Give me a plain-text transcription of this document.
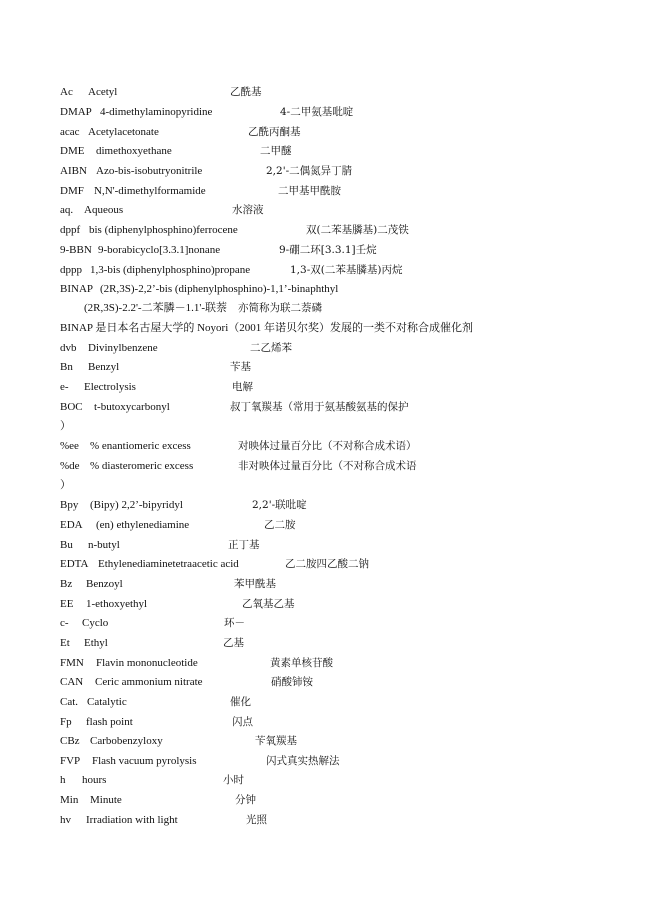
Ac Acetyl	乙酰基
DMAP 4-dimethylaminopyridine	4-二甲氨基吡啶
acac Acetylacetonate	乙酰丙酮基
DME dimethoxyethane	二甲醚
AIBN Azo-bis-isobutryonitrile	2,2'-二偶氮异丁腈
DMF N,N'-dimethylformamide	二甲基甲酰胺
aq. Aqueous	水溶液
dppf bis (diphenylphosphino)ferrocene	双(二苯基膦基)二茂铁
9-BBN 9-borabicyclo[3.3.1]nonane	9-硼二环[3.3.1]壬烷
dppp 1,3-bis (diphenylphosphino)propane	1,3-双(二苯基膦基)丙烷
BINAP (2R,3S)-2,2’-bis (diphenylphosphino)-1,1’-binaphthyl
(2R,3S)-2.2'-二苯膦－1.1'-联萘 亦简称为联二萘磷
BINAP 是日本名古屋大学的 Noyori（2001 年诺贝尔奖）发展的一类不对称合成催化剂
dvb Divinylbenzene	二乙烯苯
Bn Benzyl	苄基
e- Electrolysis	电解
BOC t-butoxycarbonyl	叔丁氧羰基（常用于氨基酸氨基的保护
）
%ee % enantiomeric excess	对映体过量百分比（不对称合成术语）
%de % diasteromeric excess	非对映体过量百分比（不对称合成术语
）
Bpy (Bipy) 2,2’-bipyridyl	2,2'-联吡啶
EDA (en) ethylenediamine	乙二胺
Bu n-butyl	正丁基
EDTA Ethylenediaminetetraacetic acid	乙二胺四乙酸二钠
Bz Benzoyl	苯甲酰基
EE 1-ethoxyethyl	乙氧基乙基
c- Cyclo	环－
Et Ethyl	乙基
FMN Flavin mononucleotide	黄素单核苷酸
CAN Ceric ammonium nitrate	硝酸铈铵
Cat. Catalytic	催化
Fp flash point	闪点
CBz Carbobenzyloxy	苄氧羰基
FVP Flash vacuum pyrolysis	闪式真实热解法
h hours	小时
Min Minute	分钟
hv Irradiation with light	光照
